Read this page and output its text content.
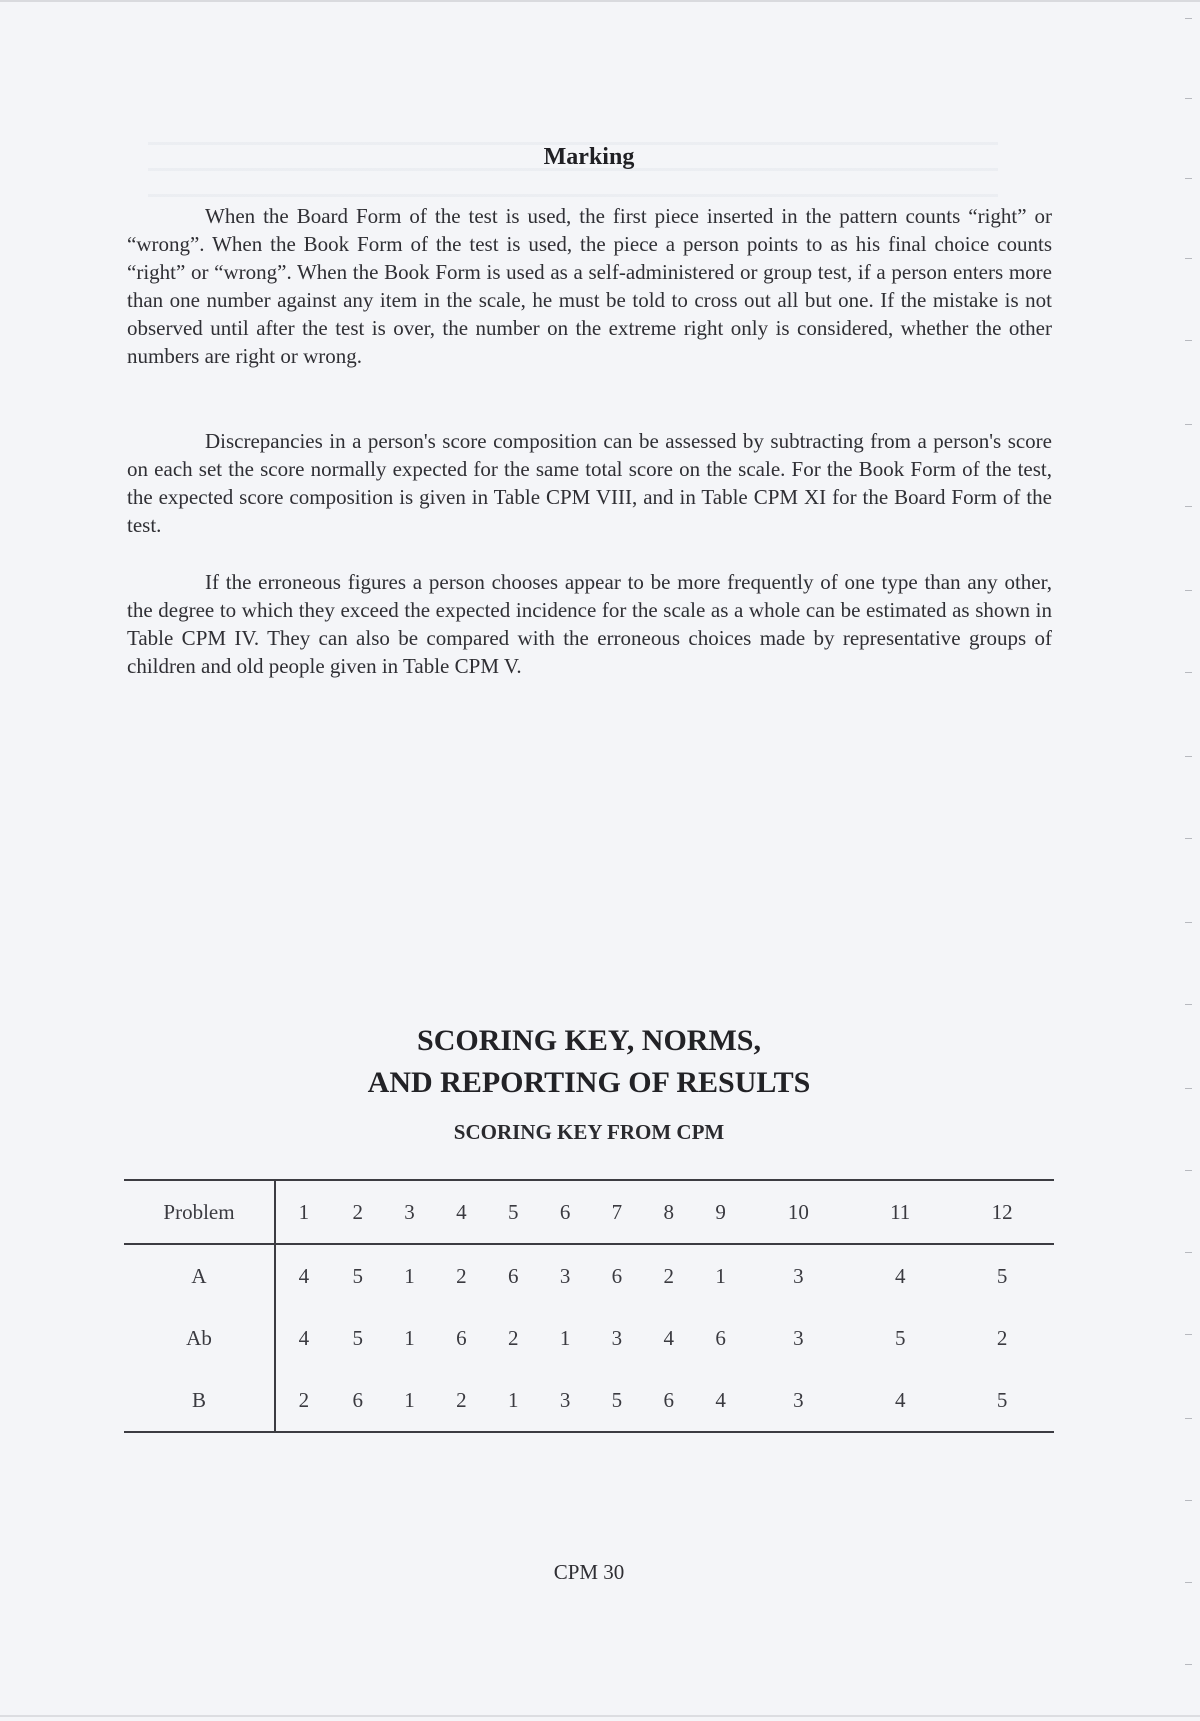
Marking

When the Board Form of the test is used, the first piece inserted in the pattern counts “right” or “wrong”. When the Book Form of the test is used, the piece a person points to as his final choice counts “right” or “wrong”. When the Book Form is used as a self-administered or group test, if a person enters more than one number against any item in the scale, he must be told to cross out all but one. If the mistake is not observed until after the test is over, the number on the extreme right only is considered, whether the other numbers are right or wrong.

Discrepancies in a person's score composition can be assessed by subtracting from a person's score on each set the score normally expected for the same total score on the scale. For the Book Form of the test, the expected score composition is given in Table CPM VIII, and in Table CPM XI for the Board Form of the test.

If the erroneous figures a person chooses appear to be more frequently of one type than any other, the degree to which they exceed the expected incidence for the scale as a whole can be estimated as shown in Table CPM IV. They can also be compared with the erroneous choices made by representative groups of children and old people given in Table CPM V.

SCORING KEY, NORMS,
AND REPORTING OF RESULTS
SCORING KEY FROM CPM
Problem	1	2	3	4	5	6	7	8	9	10	11	12
A	4	5	1	2	6	3	6	2	1	3	4	5
Ab	4	5	1	6	2	1	3	4	6	3	5	2
B	2	6	1	2	1	3	5	6	4	3	4	5
CPM 30
